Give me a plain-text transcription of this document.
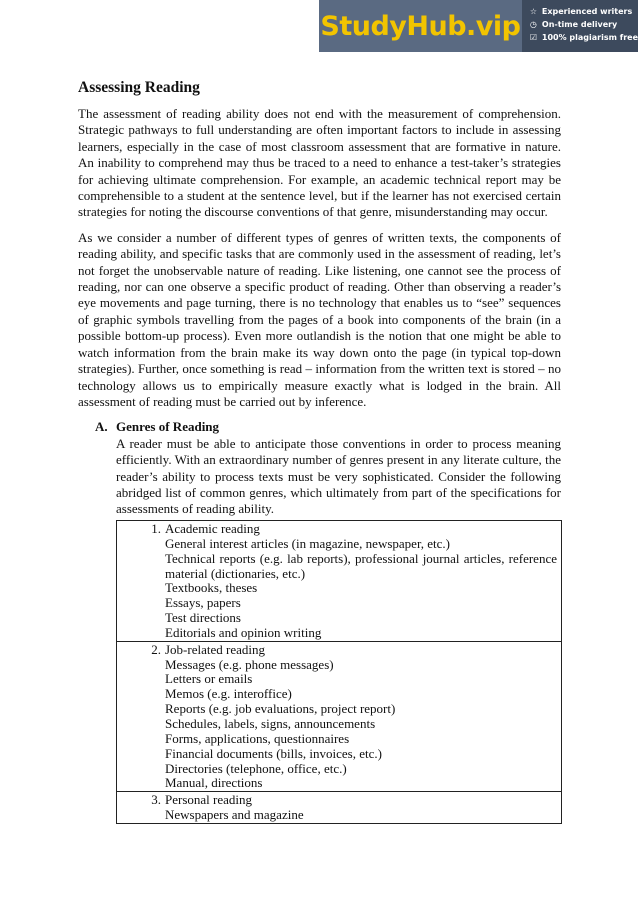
StudyHub.vip ☆ Experienced writers
◷ On-time delivery
☑ 100% plagiarism free
Assessing Reading

The assessment of reading ability does not end with the measurement of comprehension. Strategic pathways to full understanding are often important factors to include in assessing learners, especially in the case of most classroom assessment that are formative in nature. An inability to comprehend may thus be traced to a need to enhance a test-taker’s strategies for achieving ultimate comprehension. For example, an academic technical report may be comprehensible to a student at the sentence level, but if the learner has not exercised certain strategies for noting the discourse conventions of that genre, misunderstanding may occur.

As we consider a number of different types of genres of written texts, the components of reading ability, and specific tasks that are commonly used in the assessment of reading, let’s not forget the unobservable nature of reading. Like listening, one cannot see the process of reading, nor can one observe a specific product of reading. Other than observing a reader’s eye movements and page turning, there is no technology that enables us to “see” sequences of graphic symbols travelling from the pages of a book into components of the brain (in a possible bottom-up process). Even more outlandish is the notion that one might be able to watch information from the brain make its way down onto the page (in typical top-down strategies). Further, once something is read – information from the written text is stored – no technology allows us to empirically measure exactly what is lodged in the brain. All assessment of reading must be carried out by inference.

A. Genres of Reading

A reader must be able to anticipate those conventions in order to process meaning efficiently. With an extraordinary number of genres present in any literate culture, the reader’s ability to process texts must be very sophisticated. Consider the following abridged list of common genres, which ultimately from part of the specifications for assessments of reading ability.

1. Academic reading
General interest articles (in magazine, newspaper, etc.)
Technical reports (e.g. lab reports), professional journal articles, reference material (dictionaries, etc.)
Textbooks, theses
Essays, papers
Test directions
Editorials and opinion writing

2. Job-related reading
Messages (e.g. phone messages)
Letters or emails
Memos (e.g. interoffice)
Reports (e.g. job evaluations, project report)
Schedules, labels, signs, announcements
Forms, applications, questionnaires
Financial documents (bills, invoices, etc.)
Directories (telephone, office, etc.)
Manual, directions

3. Personal reading
Newspapers and magazine
